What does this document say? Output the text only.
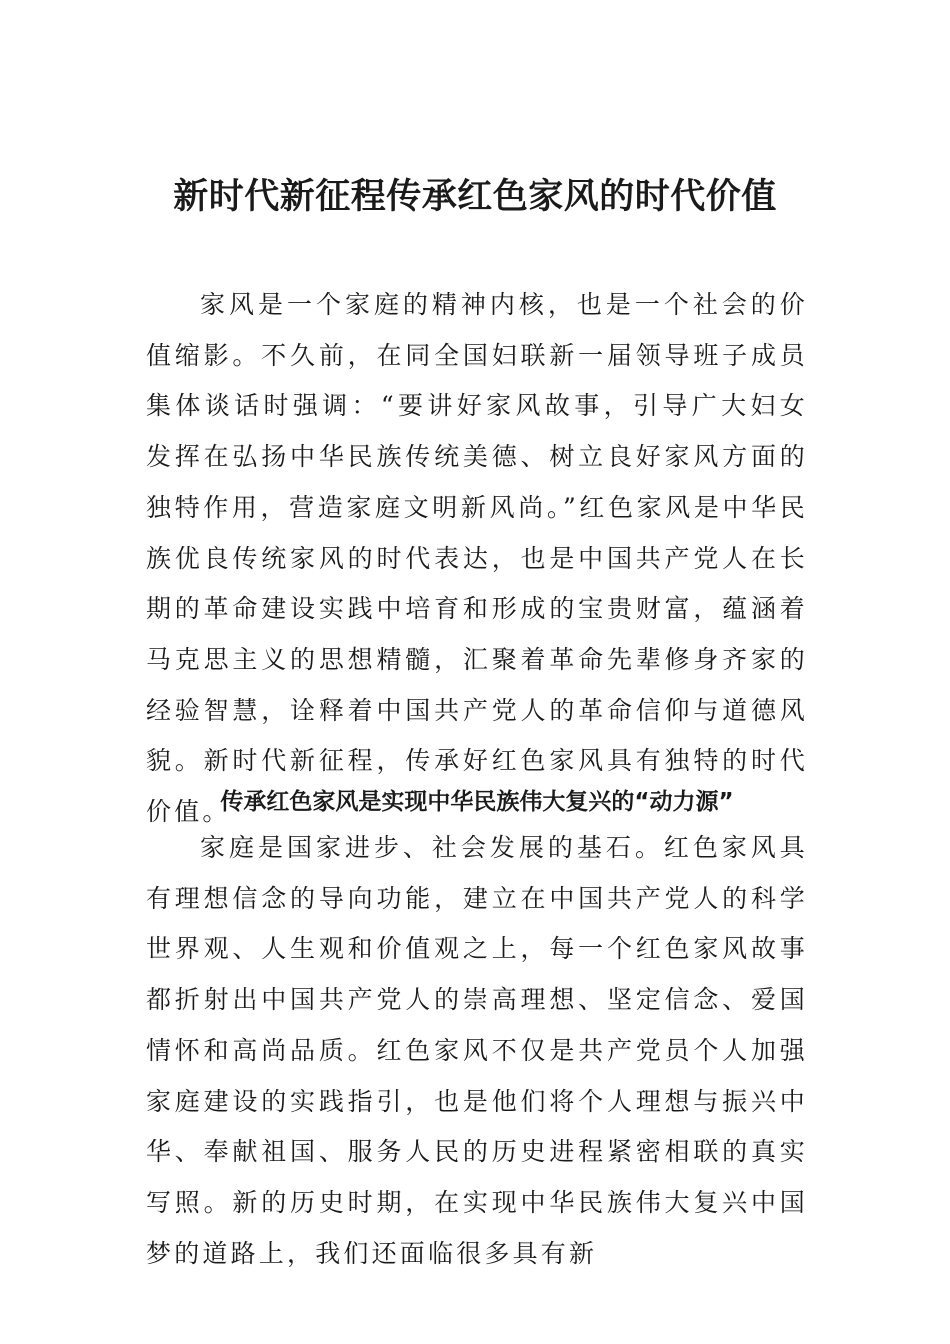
新时代新征程传承红色家风的时代价值

家风是一个家庭的精神内核，也是一个社会的价值缩影。不久前，在同全国妇联新一届领导班子成员集体谈话时强调：“要讲好家风故事，引导广大妇女发挥在弘扬中华民族传统美德、树立良好家风方面的独特作用，营造家庭文明新风尚。”红色家风是中华民族优良传统家风的时代表达，也是中国共产党人在长期的革命建设实践中培育和形成的宝贵财富，蕴涵着马克思主义的思想精髓，汇聚着革命先辈修身齐家的经验智慧，诠释着中国共产党人的革命信仰与道德风貌。新时代新征程，传承好红色家风具有独特的时代价值。

传承红色家风是实现中华民族伟大复兴的“动力源”

家庭是国家进步、社会发展的基石。红色家风具有理想信念的导向功能，建立在中国共产党人的科学世界观、人生观和价值观之上，每一个红色家风故事都折射出中国共产党人的崇高理想、坚定信念、爱国情怀和高尚品质。红色家风不仅是共产党员个人加强家庭建设的实践指引，也是他们将个人理想与振兴中华、奉献祖国、服务人民的历史进程紧密相联的真实写照。新的历史时期，在实现中华民族伟大复兴中国梦的道路上，我们还面临很多具有新
